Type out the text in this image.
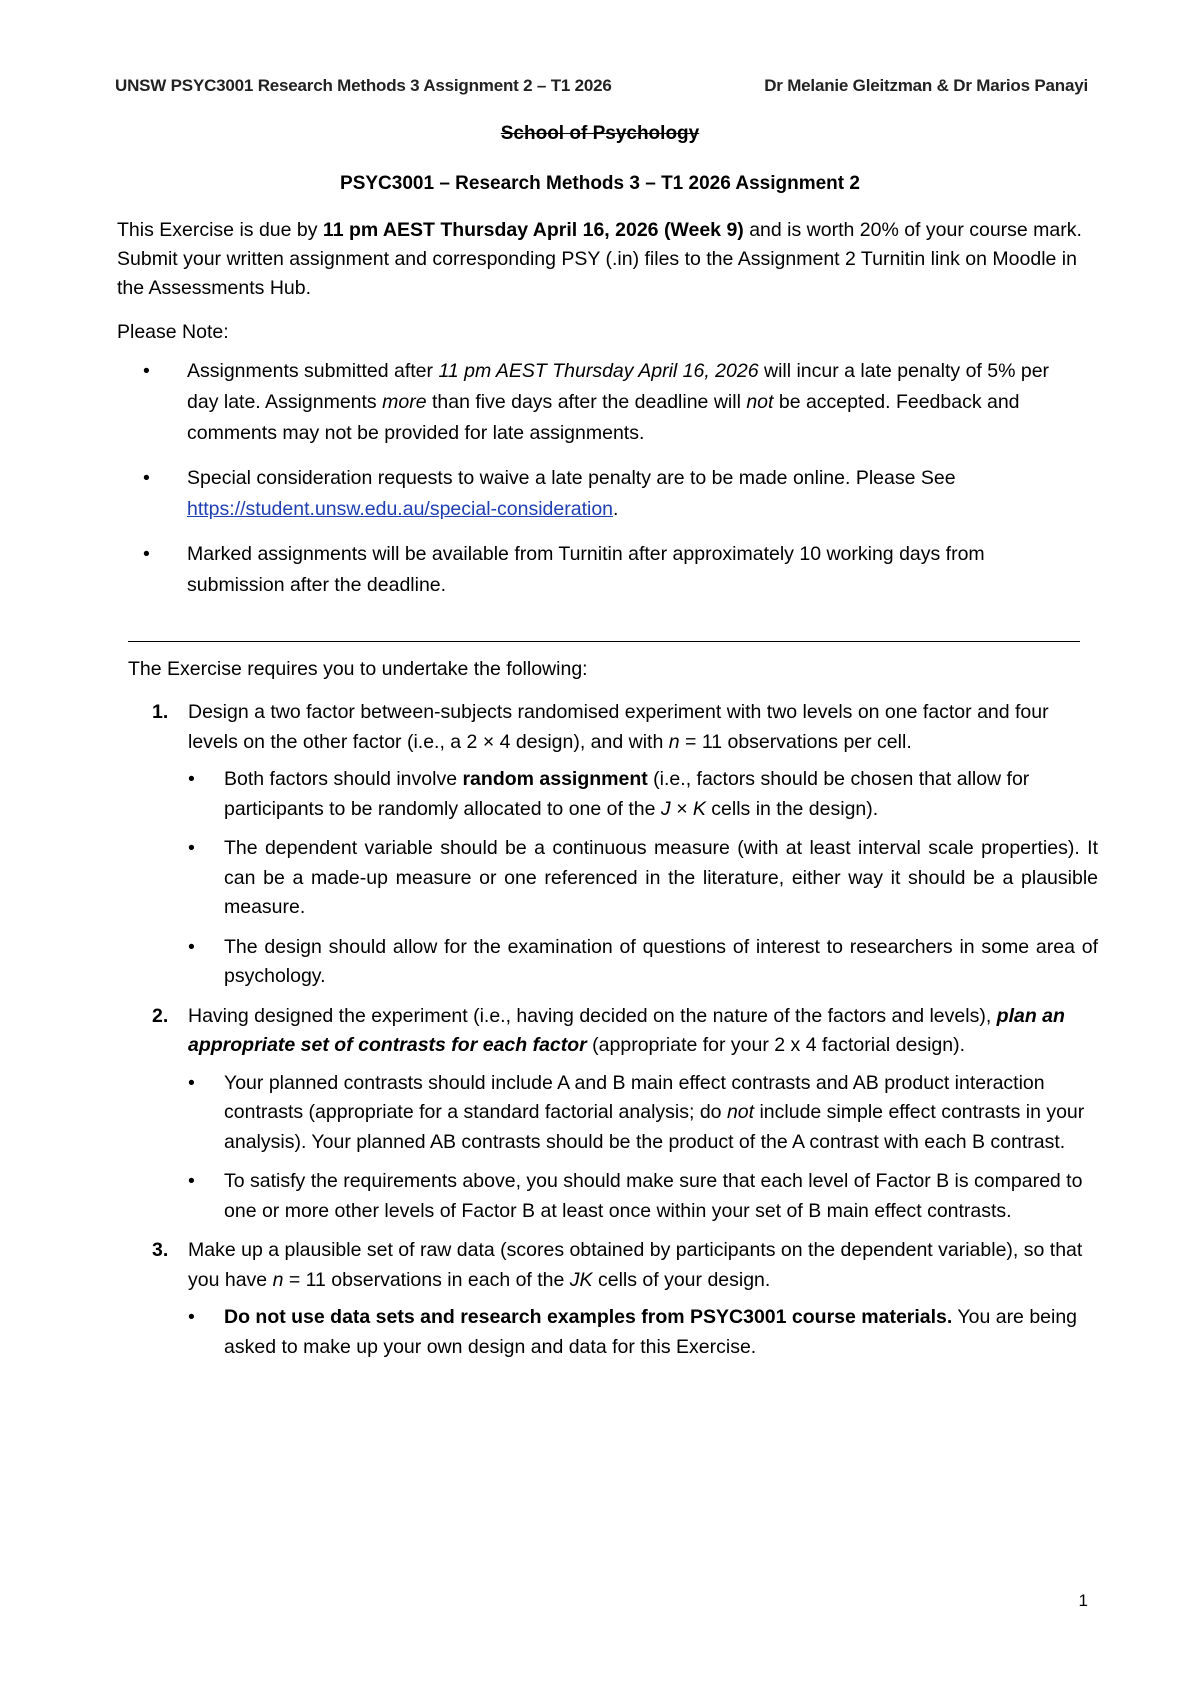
UNSW PSYC3001 Research Methods 3 Assignment 2 – T1 2026	Dr Melanie Gleitzman & Dr Marios Panayi
School of Psychology
PSYC3001 – Research Methods 3 – T1 2026 Assignment 2

This Exercise is due by 11 pm AEST Thursday April 16, 2026 (Week 9) and is worth 20% of your course mark. Submit your written assignment and corresponding PSY (.in) files to the Assignment 2 Turnitin link on Moodle in the Assessments Hub.

Please Note:
• Assignments submitted after 11 pm AEST Thursday April 16, 2026 will incur a late penalty of 5% per day late. Assignments more than five days after the deadline will not be accepted. Feedback and comments may not be provided for late assignments.
• Special consideration requests to waive a late penalty are to be made online. Please See https://student.unsw.edu.au/special-consideration.
• Marked assignments will be available from Turnitin after approximately 10 working days from submission after the deadline.
The Exercise requires you to undertake the following:
1. Design a two factor between-subjects randomised experiment with two levels on one factor and four levels on the other factor (i.e., a 2 × 4 design), and with n = 11 observations per cell.
• Both factors should involve random assignment (i.e., factors should be chosen that allow for participants to be randomly allocated to one of the J × K cells in the design).
• The dependent variable should be a continuous measure (with at least interval scale properties). It can be a made-up measure or one referenced in the literature, either way it should be a plausible measure.
• The design should allow for the examination of questions of interest to researchers in some area of psychology.
2. Having designed the experiment (i.e., having decided on the nature of the factors and levels), plan an appropriate set of contrasts for each factor (appropriate for your 2 x 4 factorial design).
• Your planned contrasts should include A and B main effect contrasts and AB product interaction contrasts (appropriate for a standard factorial analysis; do not include simple effect contrasts in your analysis). Your planned AB contrasts should be the product of the A contrast with each B contrast.
• To satisfy the requirements above, you should make sure that each level of Factor B is compared to one or more other levels of Factor B at least once within your set of B main effect contrasts.
3. Make up a plausible set of raw data (scores obtained by participants on the dependent variable), so that you have n = 11 observations in each of the JK cells of your design.
• Do not use data sets and research examples from PSYC3001 course materials. You are being asked to make up your own design and data for this Exercise.
1
